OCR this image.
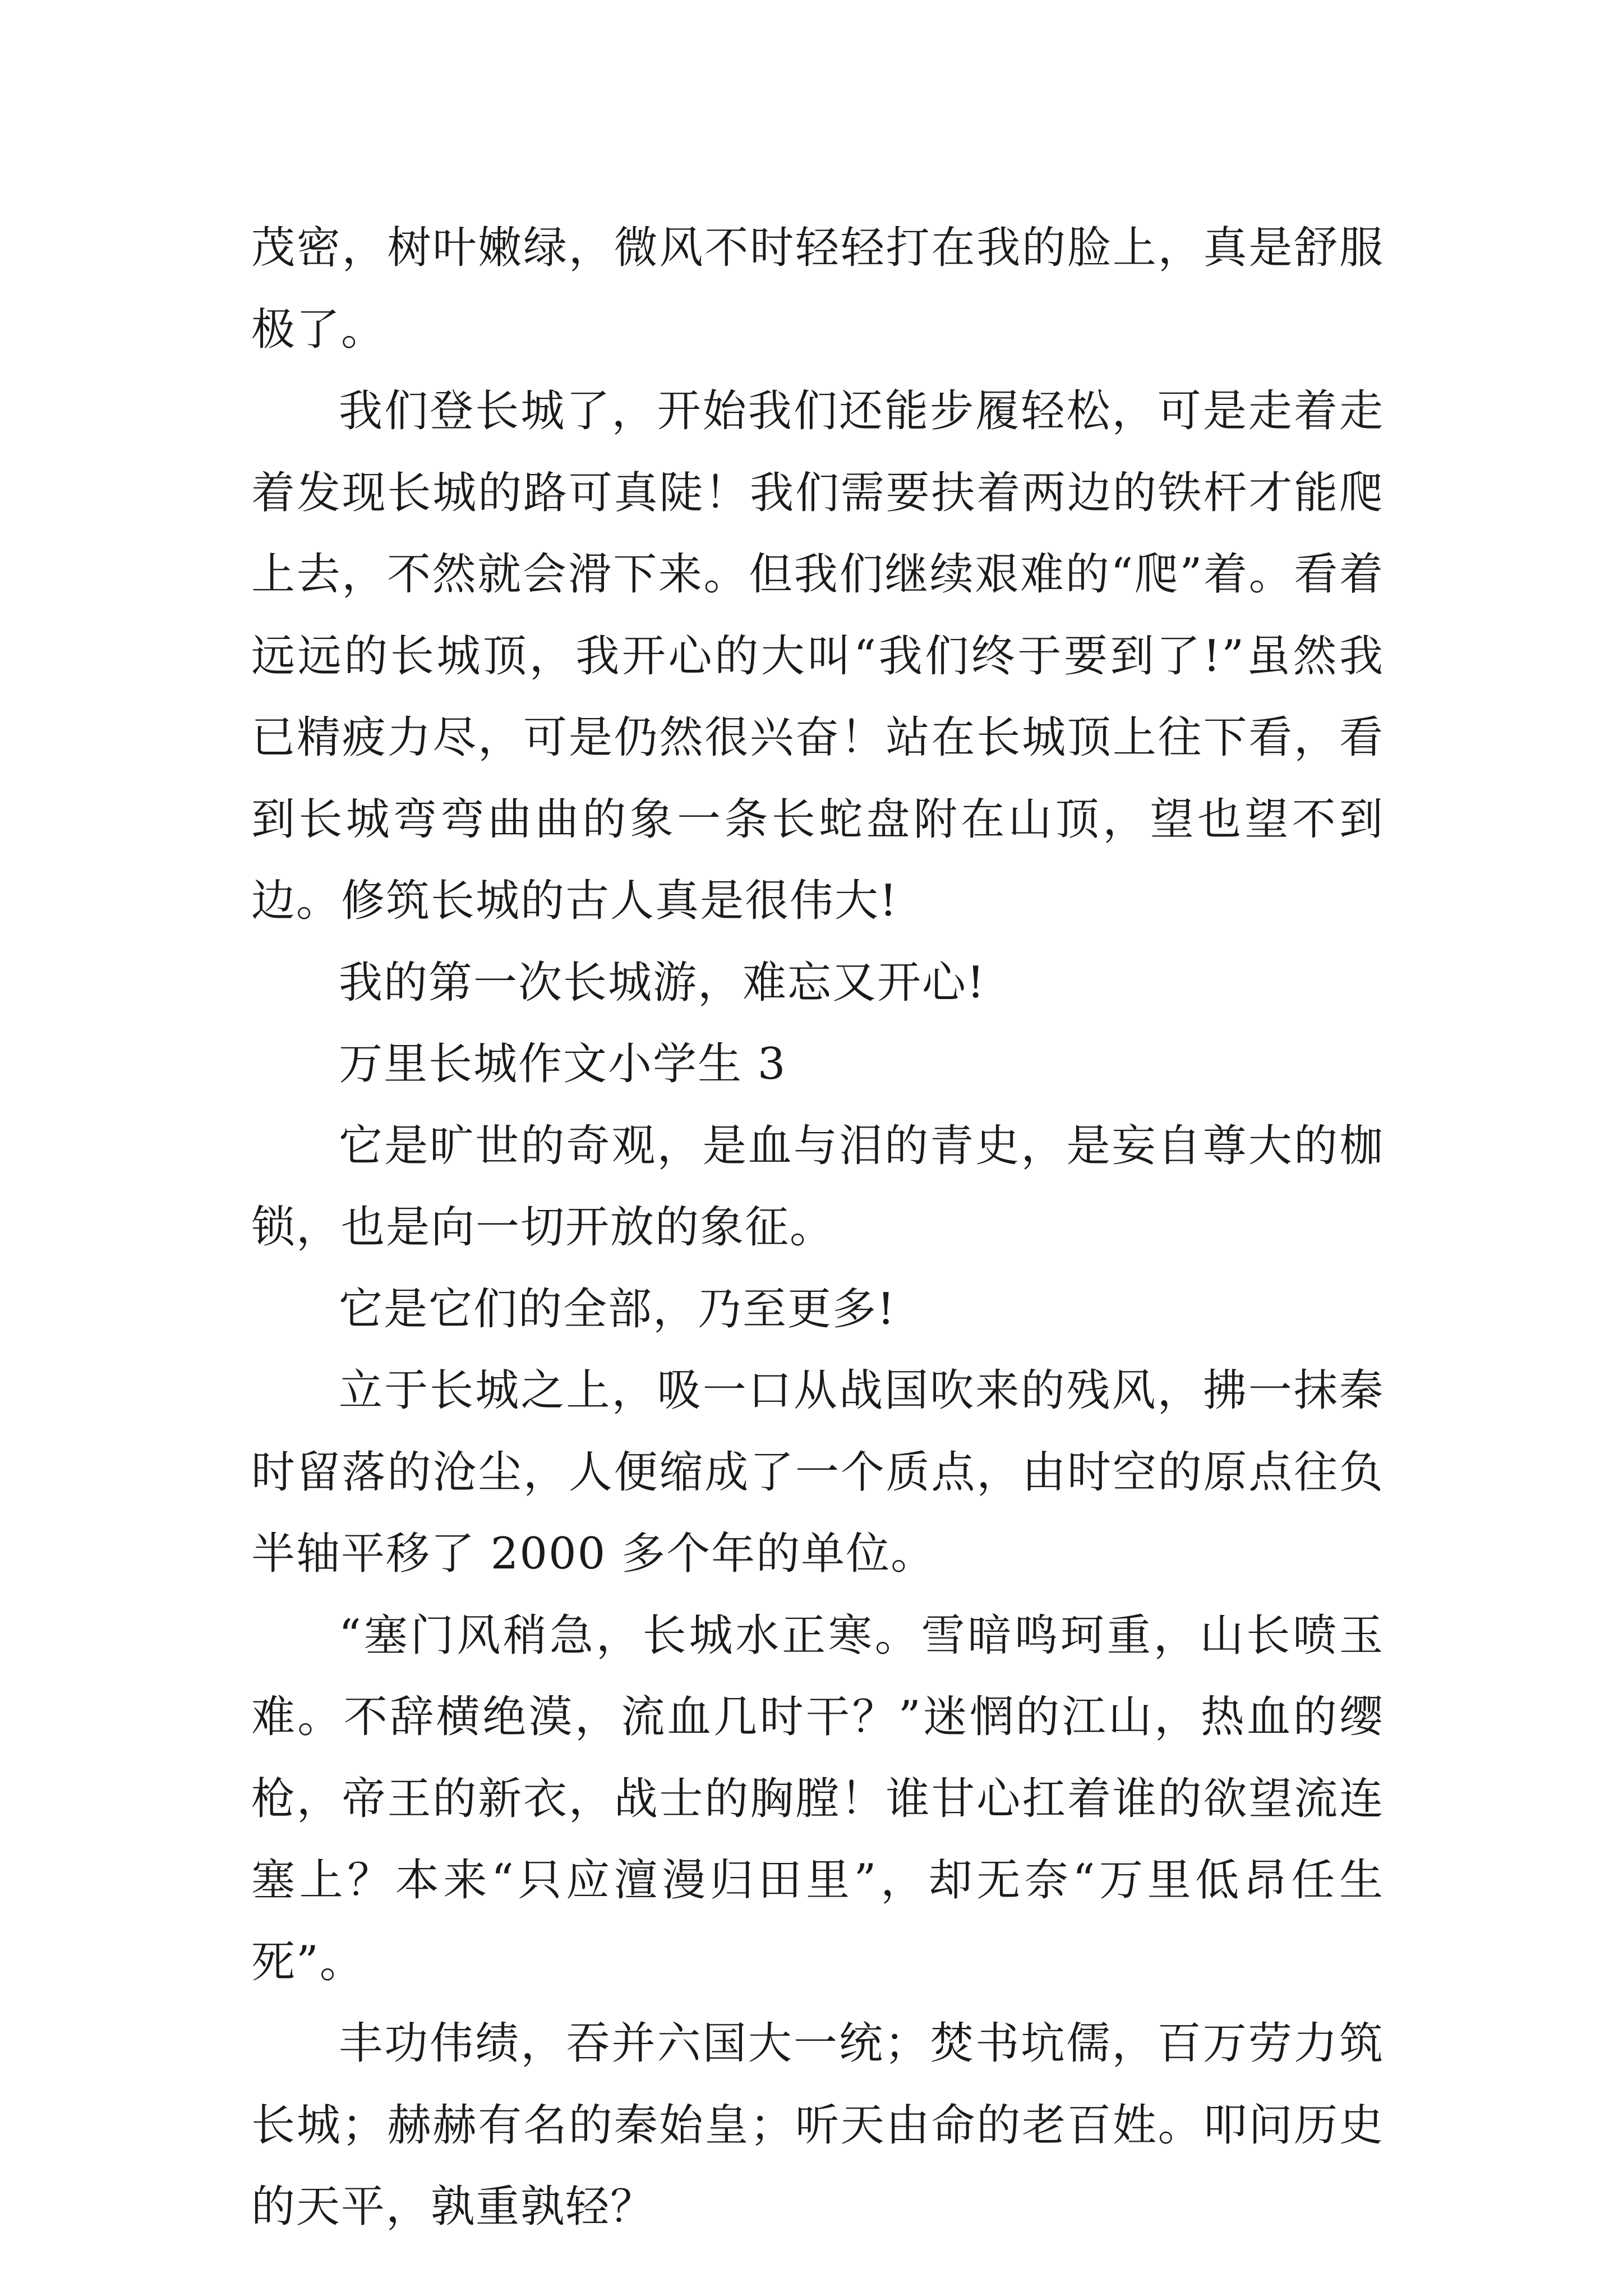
茂密，树叶嫩绿，微风不时轻轻打在我的脸上，真是舒服极了。

我们登长城了，开始我们还能步履轻松，可是走着走着发现长城的路可真陡！我们需要扶着两边的铁杆才能爬上去，不然就会滑下来。但我们继续艰难的“爬”着。看着远远的长城顶，我开心的大叫“我们终于要到了!”虽然我已精疲力尽，可是仍然很兴奋！站在长城顶上往下看，看到长城弯弯曲曲的象一条长蛇盘附在山顶，望也望不到边。修筑长城的古人真是很伟大!

我的第一次长城游，难忘又开心!

万里长城作文小学生 3

它是旷世的奇观，是血与泪的青史，是妄自尊大的枷锁，也是向一切开放的象征。

它是它们的全部，乃至更多!

立于长城之上，吸一口从战国吹来的残风，拂一抹秦时留落的沧尘，人便缩成了一个质点，由时空的原点往负半轴平移了 2000 多个年的单位。

“塞门风稍急，长城水正寒。雪暗鸣珂重，山长喷玉难。不辞横绝漠，流血几时干？”迷惘的江山，热血的缨枪，帝王的新衣，战士的胸膛！谁甘心扛着谁的欲望流连塞上？本来“只应澶漫归田里”，却无奈“万里低昂任生死”。

丰功伟绩，吞并六国大一统；焚书坑儒，百万劳力筑长城；赫赫有名的秦始皇；听天由命的老百姓。叩问历史的天平，孰重孰轻？
